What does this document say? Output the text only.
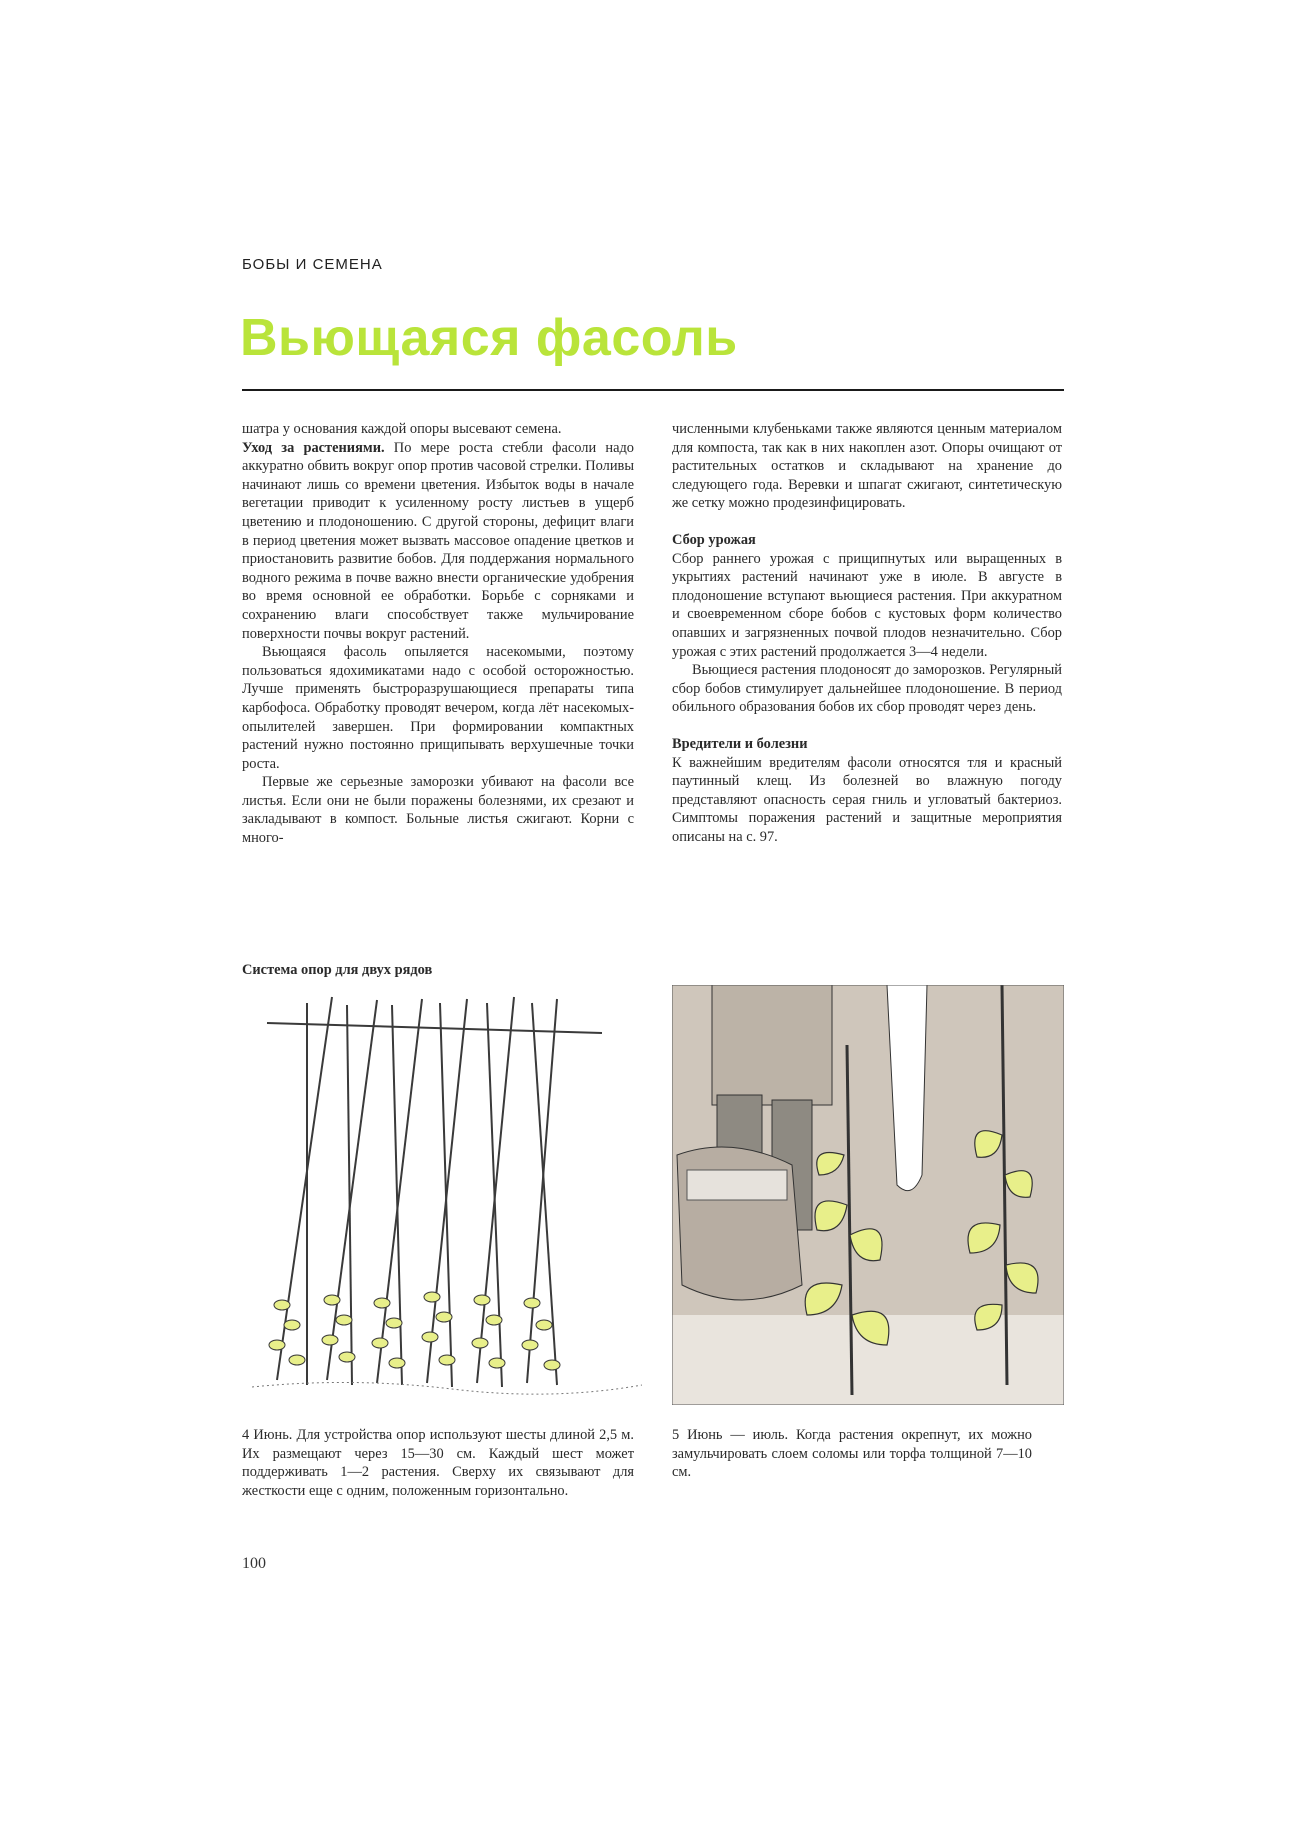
БОБЫ И СЕМЕНА
Вьющаяся фасоль

шатра у основания каждой опоры высевают семена.

Уход за растениями. По мере роста стебли фасоли надо аккуратно обвить вокруг опор против часовой стрелки. Поливы начинают лишь со времени цветения. Избыток воды в начале вегетации приводит к усиленному росту листьев в ущерб цветению и плодоношению. С другой стороны, дефицит влаги в период цветения может вызвать массовое опадение цветков и приостановить развитие бобов. Для поддержания нормального водного режима в почве важно внести органические удобрения во время основной ее обработки. Борьбе с сорняками и сохранению влаги способствует также мульчирование поверхности почвы вокруг растений.

Вьющаяся фасоль опыляется насекомыми, поэтому пользоваться ядохимикатами надо с особой осторожностью. Лучше применять быстроразрушающиеся препараты типа карбофоса. Обработку проводят вечером, когда лёт насекомых-опылителей завершен. При формировании компактных растений нужно постоянно прищипывать верхушечные точки роста.

Первые же серьезные заморозки убивают на фасоли все листья. Если они не были поражены болезнями, их срезают и закладывают в компост. Больные листья сжигают. Корни с много-

численными клубеньками также являются ценным материалом для компоста, так как в них накоплен азот. Опоры очищают от растительных остатков и складывают на хранение до следующего года. Веревки и шпагат сжигают, синтетическую же сетку можно продезинфицировать.

Сбор урожая

Сбор раннего урожая с прищипнутых или выращенных в укрытиях растений начинают уже в июле. В августе в плодоношение вступают вьющиеся растения. При аккуратном и своевременном сборе бобов с кустовых форм количество опавших и загрязненных почвой плодов незначительно. Сбор урожая с этих растений продолжается 3—4 недели.

Вьющиеся растения плодоносят до заморозков. Регулярный сбор бобов стимулирует дальнейшее плодоношение. В период обильного образования бобов их сбор проводят через день.

Вредители и болезни

К важнейшим вредителям фасоли относятся тля и красный паутинный клещ. Из болезней во влажную погоду представляют опасность серая гниль и угловатый бактериоз. Симптомы поражения растений и защитные мероприятия описаны на с. 97.

Система опор для двух рядов
4 Июнь. Для устройства опор используют шесты длиной 2,5 м. Их размещают через 15—30 см. Каждый шест может поддерживать 1—2 растения. Сверху их связывают для жесткости еще с одним, положенным горизонтально.
5 Июнь — июль. Когда растения окрепнут, их можно замульчировать слоем соломы или торфа толщиной 7—10 см.
100
